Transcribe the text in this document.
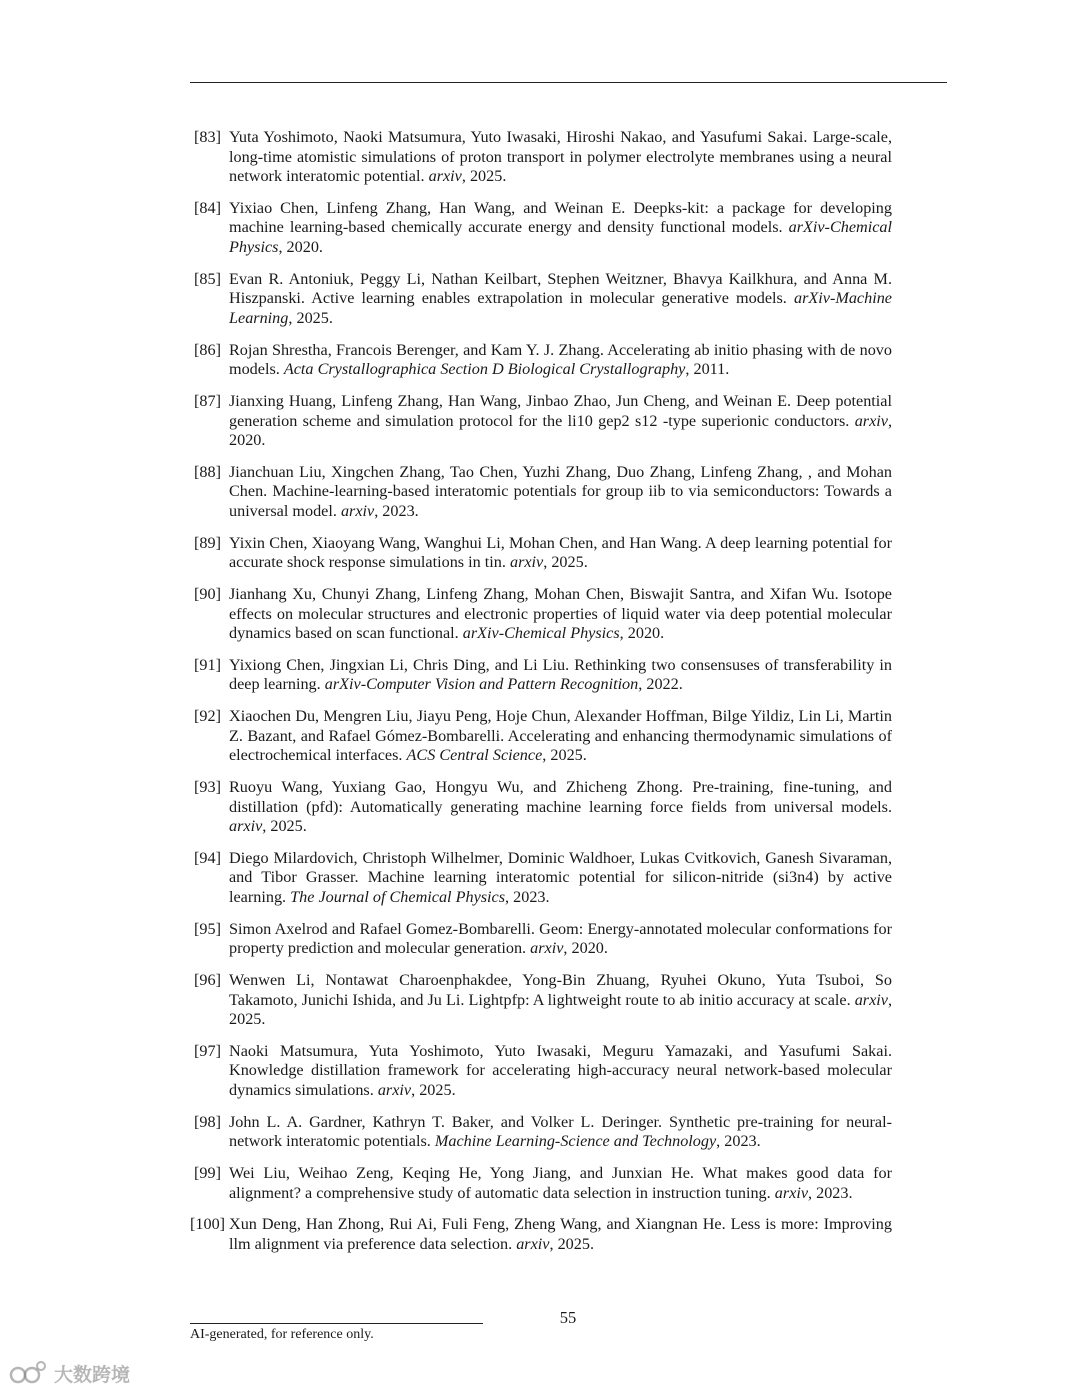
[83] Yuta Yoshimoto, Naoki Matsumura, Yuto Iwasaki, Hiroshi Nakao, and Yasufumi Sakai. Large-scale, long-time atomistic simulations of proton transport in polymer electrolyte membranes using a neural network interatomic potential. arxiv, 2025.
[84] Yixiao Chen, Linfeng Zhang, Han Wang, and Weinan E. Deepks-kit: a package for developing machine learning-based chemically accurate energy and density functional models. arXiv-Chemical Physics, 2020.
[85] Evan R. Antoniuk, Peggy Li, Nathan Keilbart, Stephen Weitzner, Bhavya Kailkhura, and Anna M. Hiszpanski. Active learning enables extrapolation in molecular generative models. arXiv-Machine Learning, 2025.
[86] Rojan Shrestha, Francois Berenger, and Kam Y. J. Zhang. Accelerating ab initio phasing with de novo models. Acta Crystallographica Section D Biological Crystallography, 2011.
[87] Jianxing Huang, Linfeng Zhang, Han Wang, Jinbao Zhao, Jun Cheng, and Weinan E. Deep potential generation scheme and simulation protocol for the li10 gep2 s12 -type superionic conductors. arxiv, 2020.
[88] Jianchuan Liu, Xingchen Zhang, Tao Chen, Yuzhi Zhang, Duo Zhang, Linfeng Zhang, , and Mohan Chen. Machine-learning-based interatomic potentials for group iib to via semiconductors: Towards a universal model. arxiv, 2023.
[89] Yixin Chen, Xiaoyang Wang, Wanghui Li, Mohan Chen, and Han Wang. A deep learning potential for accurate shock response simulations in tin. arxiv, 2025.
[90] Jianhang Xu, Chunyi Zhang, Linfeng Zhang, Mohan Chen, Biswajit Santra, and Xifan Wu. Isotope effects on molecular structures and electronic properties of liquid water via deep potential molecular dynamics based on scan functional. arXiv-Chemical Physics, 2020.
[91] Yixiong Chen, Jingxian Li, Chris Ding, and Li Liu. Rethinking two consensuses of transferability in deep learning. arXiv-Computer Vision and Pattern Recognition, 2022.
[92] Xiaochen Du, Mengren Liu, Jiayu Peng, Hoje Chun, Alexander Hoffman, Bilge Yildiz, Lin Li, Martin Z. Bazant, and Rafael Gómez-Bombarelli. Accelerating and enhancing thermodynamic simulations of electrochemical interfaces. ACS Central Science, 2025.
[93] Ruoyu Wang, Yuxiang Gao, Hongyu Wu, and Zhicheng Zhong. Pre-training, fine-tuning, and distillation (pfd): Automatically generating machine learning force fields from universal models. arxiv, 2025.
[94] Diego Milardovich, Christoph Wilhelmer, Dominic Waldhoer, Lukas Cvitkovich, Ganesh Sivaraman, and Tibor Grasser. Machine learning interatomic potential for silicon-nitride (si3n4) by active learning. The Journal of Chemical Physics, 2023.
[95] Simon Axelrod and Rafael Gomez-Bombarelli. Geom: Energy-annotated molecular conformations for property prediction and molecular generation. arxiv, 2020.
[96] Wenwen Li, Nontawat Charoenphakdee, Yong-Bin Zhuang, Ryuhei Okuno, Yuta Tsuboi, So Takamoto, Junichi Ishida, and Ju Li. Lightpfp: A lightweight route to ab initio accuracy at scale. arxiv, 2025.
[97] Naoki Matsumura, Yuta Yoshimoto, Yuto Iwasaki, Meguru Yamazaki, and Yasufumi Sakai. Knowledge distillation framework for accelerating high-accuracy neural network-based molecular dynamics simulations. arxiv, 2025.
[98] John L. A. Gardner, Kathryn T. Baker, and Volker L. Deringer. Synthetic pre-training for neural-network interatomic potentials. Machine Learning-Science and Technology, 2023.
[99] Wei Liu, Weihao Zeng, Keqing He, Yong Jiang, and Junxian He. What makes good data for alignment? a comprehensive study of automatic data selection in instruction tuning. arxiv, 2023.
[100] Xun Deng, Han Zhong, Rui Ai, Fuli Feng, Zheng Wang, and Xiangnan He. Less is more: Improving llm alignment via preference data selection. arxiv, 2025.
55
AI-generated, for reference only.
大数跨境
